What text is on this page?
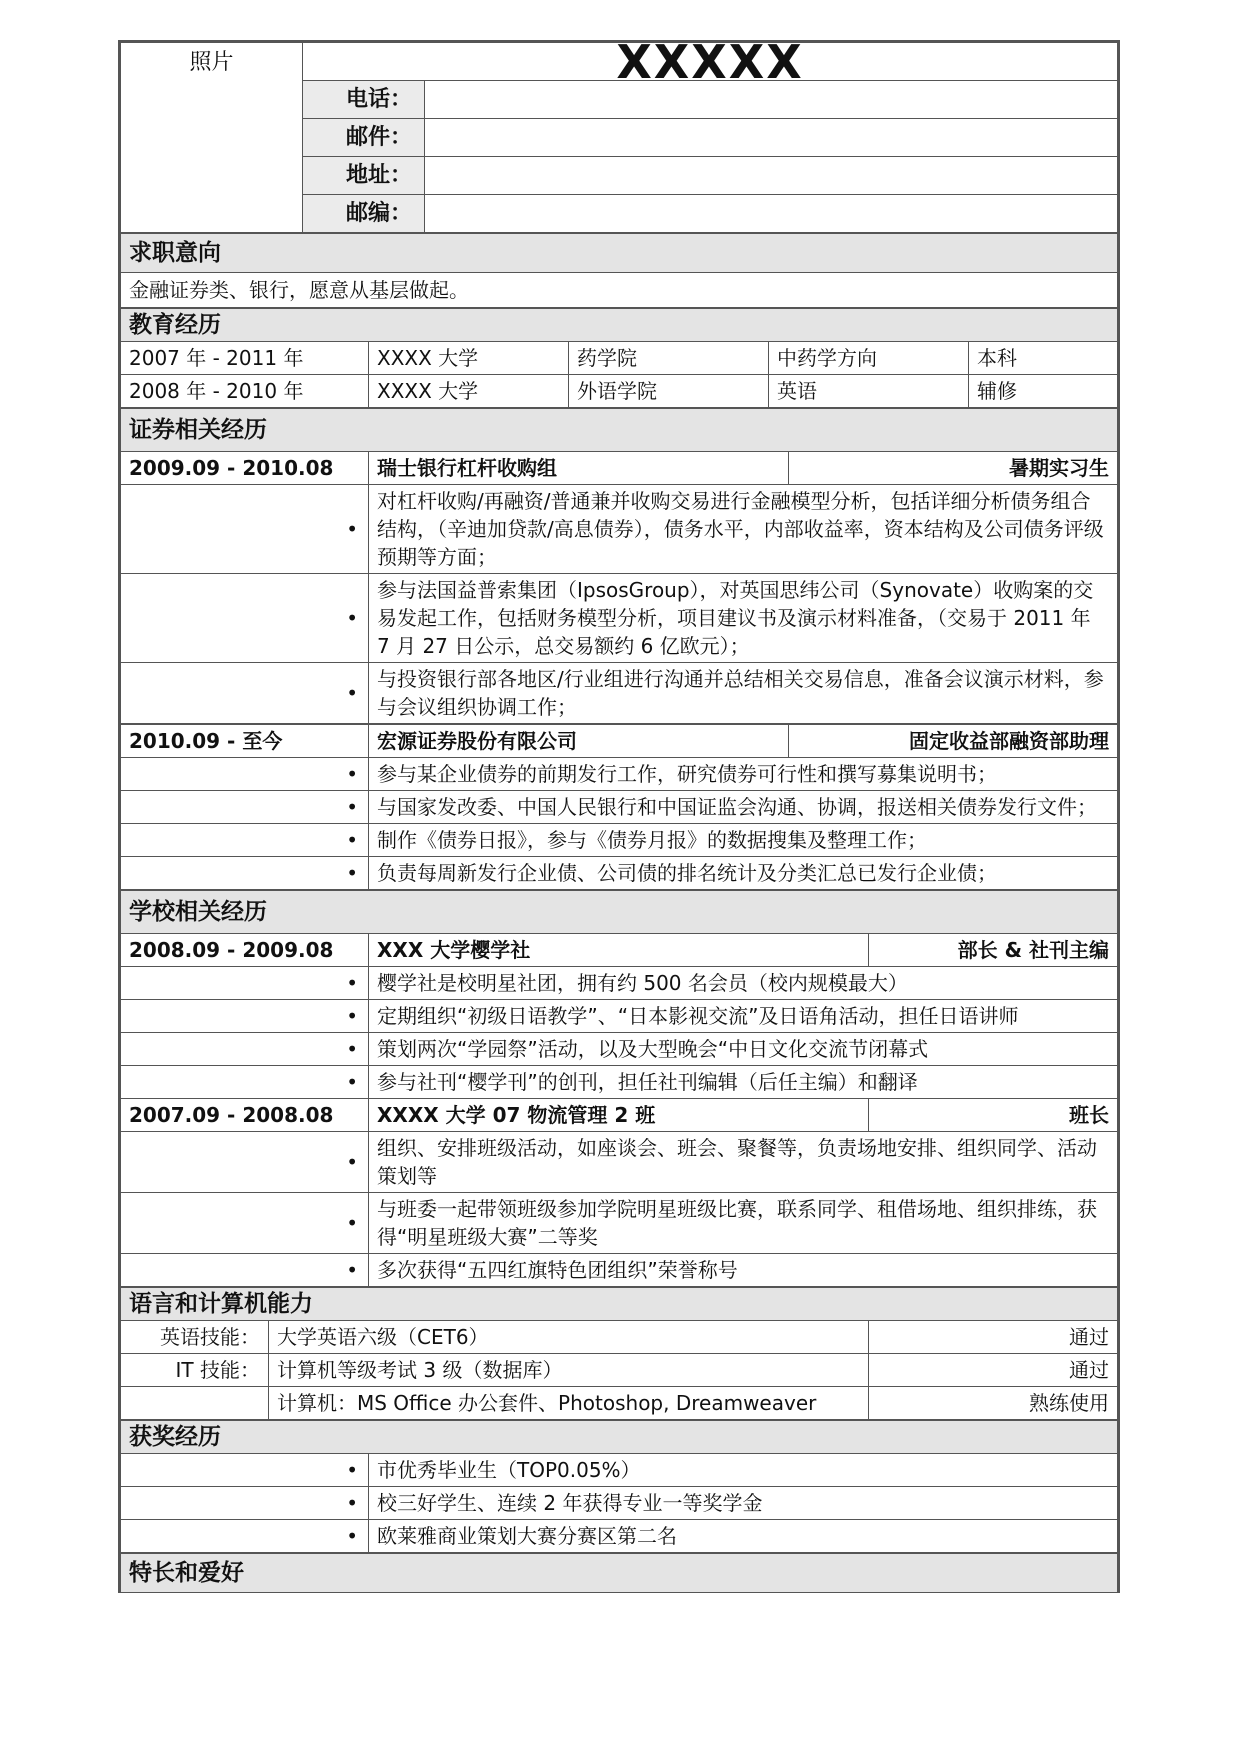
照片	XXXXX	
	电话：	
	邮件：	
	地址：	
	邮编：	
求职意向
金融证券类、银行，愿意从基层做起。
教育经历				
2007 年 - 2011 年	XXXX 大学	药学院	中药学方向	本科
2008 年 - 2010 年	XXXX 大学	外语学院	英语	辅修
证券相关经历		
2009.09 - 2010.08	瑞士银行杠杆收购组	暑期实习生
•	对杠杆收购/再融资/普通兼并收购交易进行金融模型分析，包括详细分析债务组合结构，（辛迪加贷款/高息债券），债务水平，内部收益率，资本结构及公司债务评级预期等方面；	
•	参与法国益普索集团（IpsosGroup），对英国思纬公司（Synovate）收购案的交易发起工作，包括财务模型分析，项目建议书及演示材料准备，（交易于 2011 年 7 月 27 日公示，总交易额约 6 亿欧元）；	
•	与投资银行部各地区/行业组进行沟通并总结相关交易信息，准备会议演示材料，参与会议组织协调工作；	
2010.09 - 至今	宏源证券股份有限公司	固定收益部融资部助理
•	参与某企业债券的前期发行工作，研究债券可行性和撰写募集说明书；	
•	与国家发改委、中国人民银行和中国证监会沟通、协调，报送相关债券发行文件；	
•	制作《债券日报》，参与《债券月报》的数据搜集及整理工作；	
•	负责每周新发行企业债、公司债的排名统计及分类汇总已发行企业债；	
学校相关经历		
2008.09 - 2009.08	XXX 大学樱学社	部长 & 社刊主编
•	樱学社是校明星社团，拥有约 500 名会员（校内规模最大）	
•	定期组织“初级日语教学”、“日本影视交流”及日语角活动，担任日语讲师	
•	策划两次“学园祭”活动，以及大型晚会“中日文化交流节闭幕式	
•	参与社刊“樱学刊”的创刊，担任社刊编辑（后任主编）和翻译	
2007.09 - 2008.08	XXXX 大学 07 物流管理 2 班	班长
•	组织、安排班级活动，如座谈会、班会、聚餐等，负责场地安排、组织同学、活动策划等	
•	与班委一起带领班级参加学院明星班级比赛，联系同学、租借场地、组织排练，获得“明星班级大赛”二等奖	
•	多次获得“五四红旗特色团组织”荣誉称号	
语言和计算机能力		
英语技能：	大学英语六级（CET6）	通过
IT 技能：	计算机等级考试 3 级（数据库）	通过
	计算机：MS Office 办公套件、Photoshop, Dreamweaver	熟练使用
获奖经历	
•	市优秀毕业生（TOP0.05%）
•	校三好学生、连续 2 年获得专业一等奖学金
•	欧莱雅商业策划大赛分赛区第二名
特长和爱好
